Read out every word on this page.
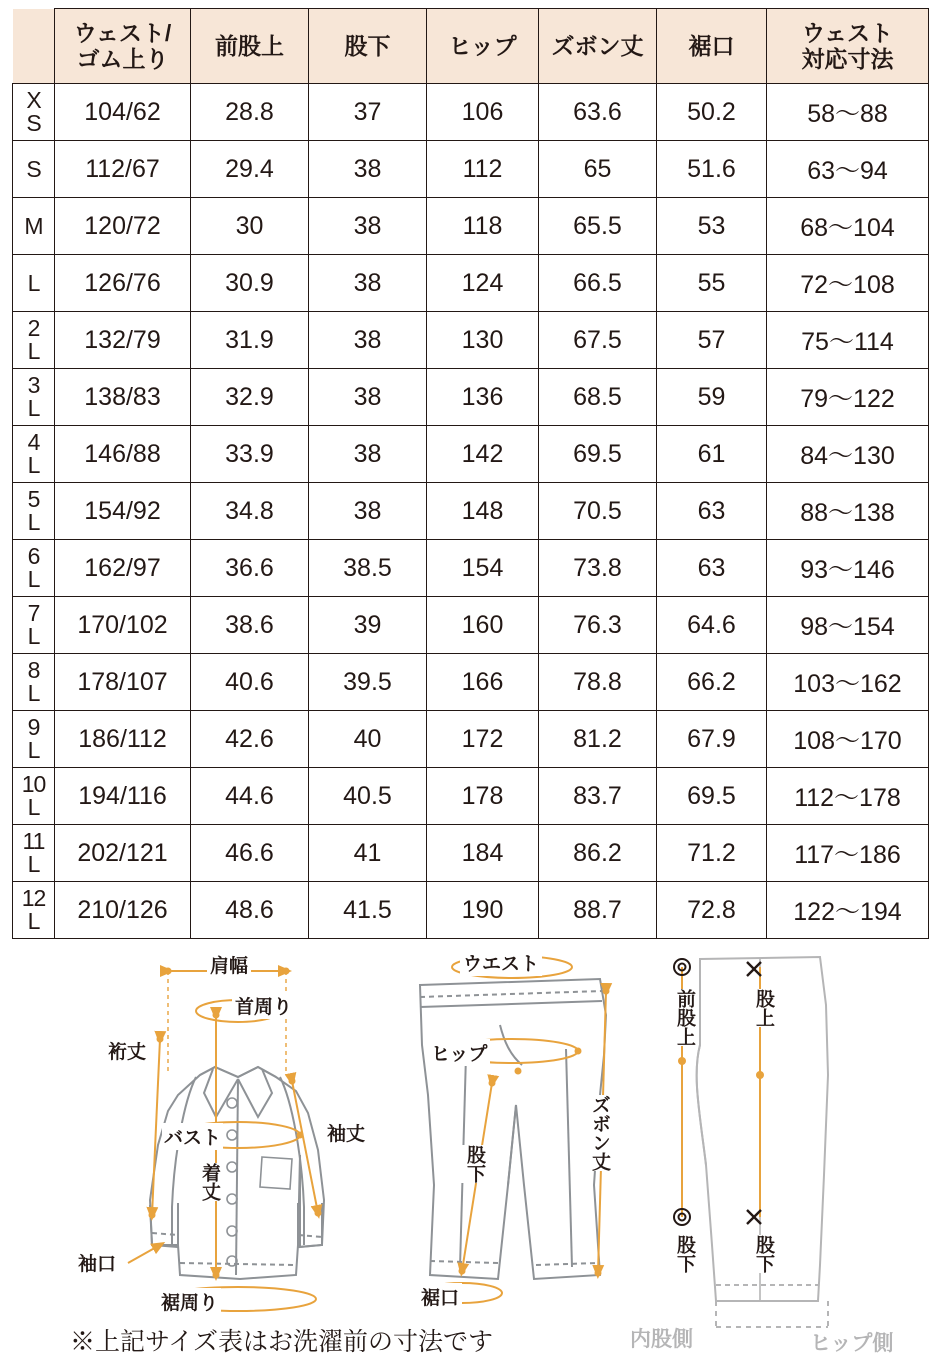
	ウェスト/
ゴム上り	前股上	股下	ヒップ	ズボン丈	裾口	ウェスト
対応寸法

X
S	104/62	28.8	37	106	63.6	50.2	58〜88

S	112/67	29.4	38	112	65	51.6	63〜94

M	120/72	30	38	118	65.5	53	68〜104

L	126/76	30.9	38	124	66.5	55	72〜108

2
L	132/79	31.9	38	130	67.5	57	75〜114

3
L	138/83	32.9	38	136	68.5	59	79〜122

4
L	146/88	33.9	38	142	69.5	61	84〜130

5
L	154/92	34.8	38	148	70.5	63	88〜138

6
L	162/97	36.6	38.5	154	73.8	63	93〜146

7
L	170/102	38.6	39	160	76.3	64.6	98〜154

8
L	178/107	40.6	39.5	166	78.8	66.2	103〜162

9
L	186/112	42.6	40	172	81.2	67.9	108〜170

10
L	194/116	44.6	40.5	178	83.7	69.5	112〜178

11
L	202/121	46.6	41	184	86.2	71.2	117〜186

12
L	210/126	48.6	41.5	190	88.7	72.8	122〜194
肩幅
首周り
裄丈
バスト	袖丈
着丈
袖口
裾周り
ウエスト
ヒップ
ズボン丈
股下
裾口
前股上	股上
股下	股下
内股側	ヒップ側
※上記サイズ表はお洗濯前の寸法です
